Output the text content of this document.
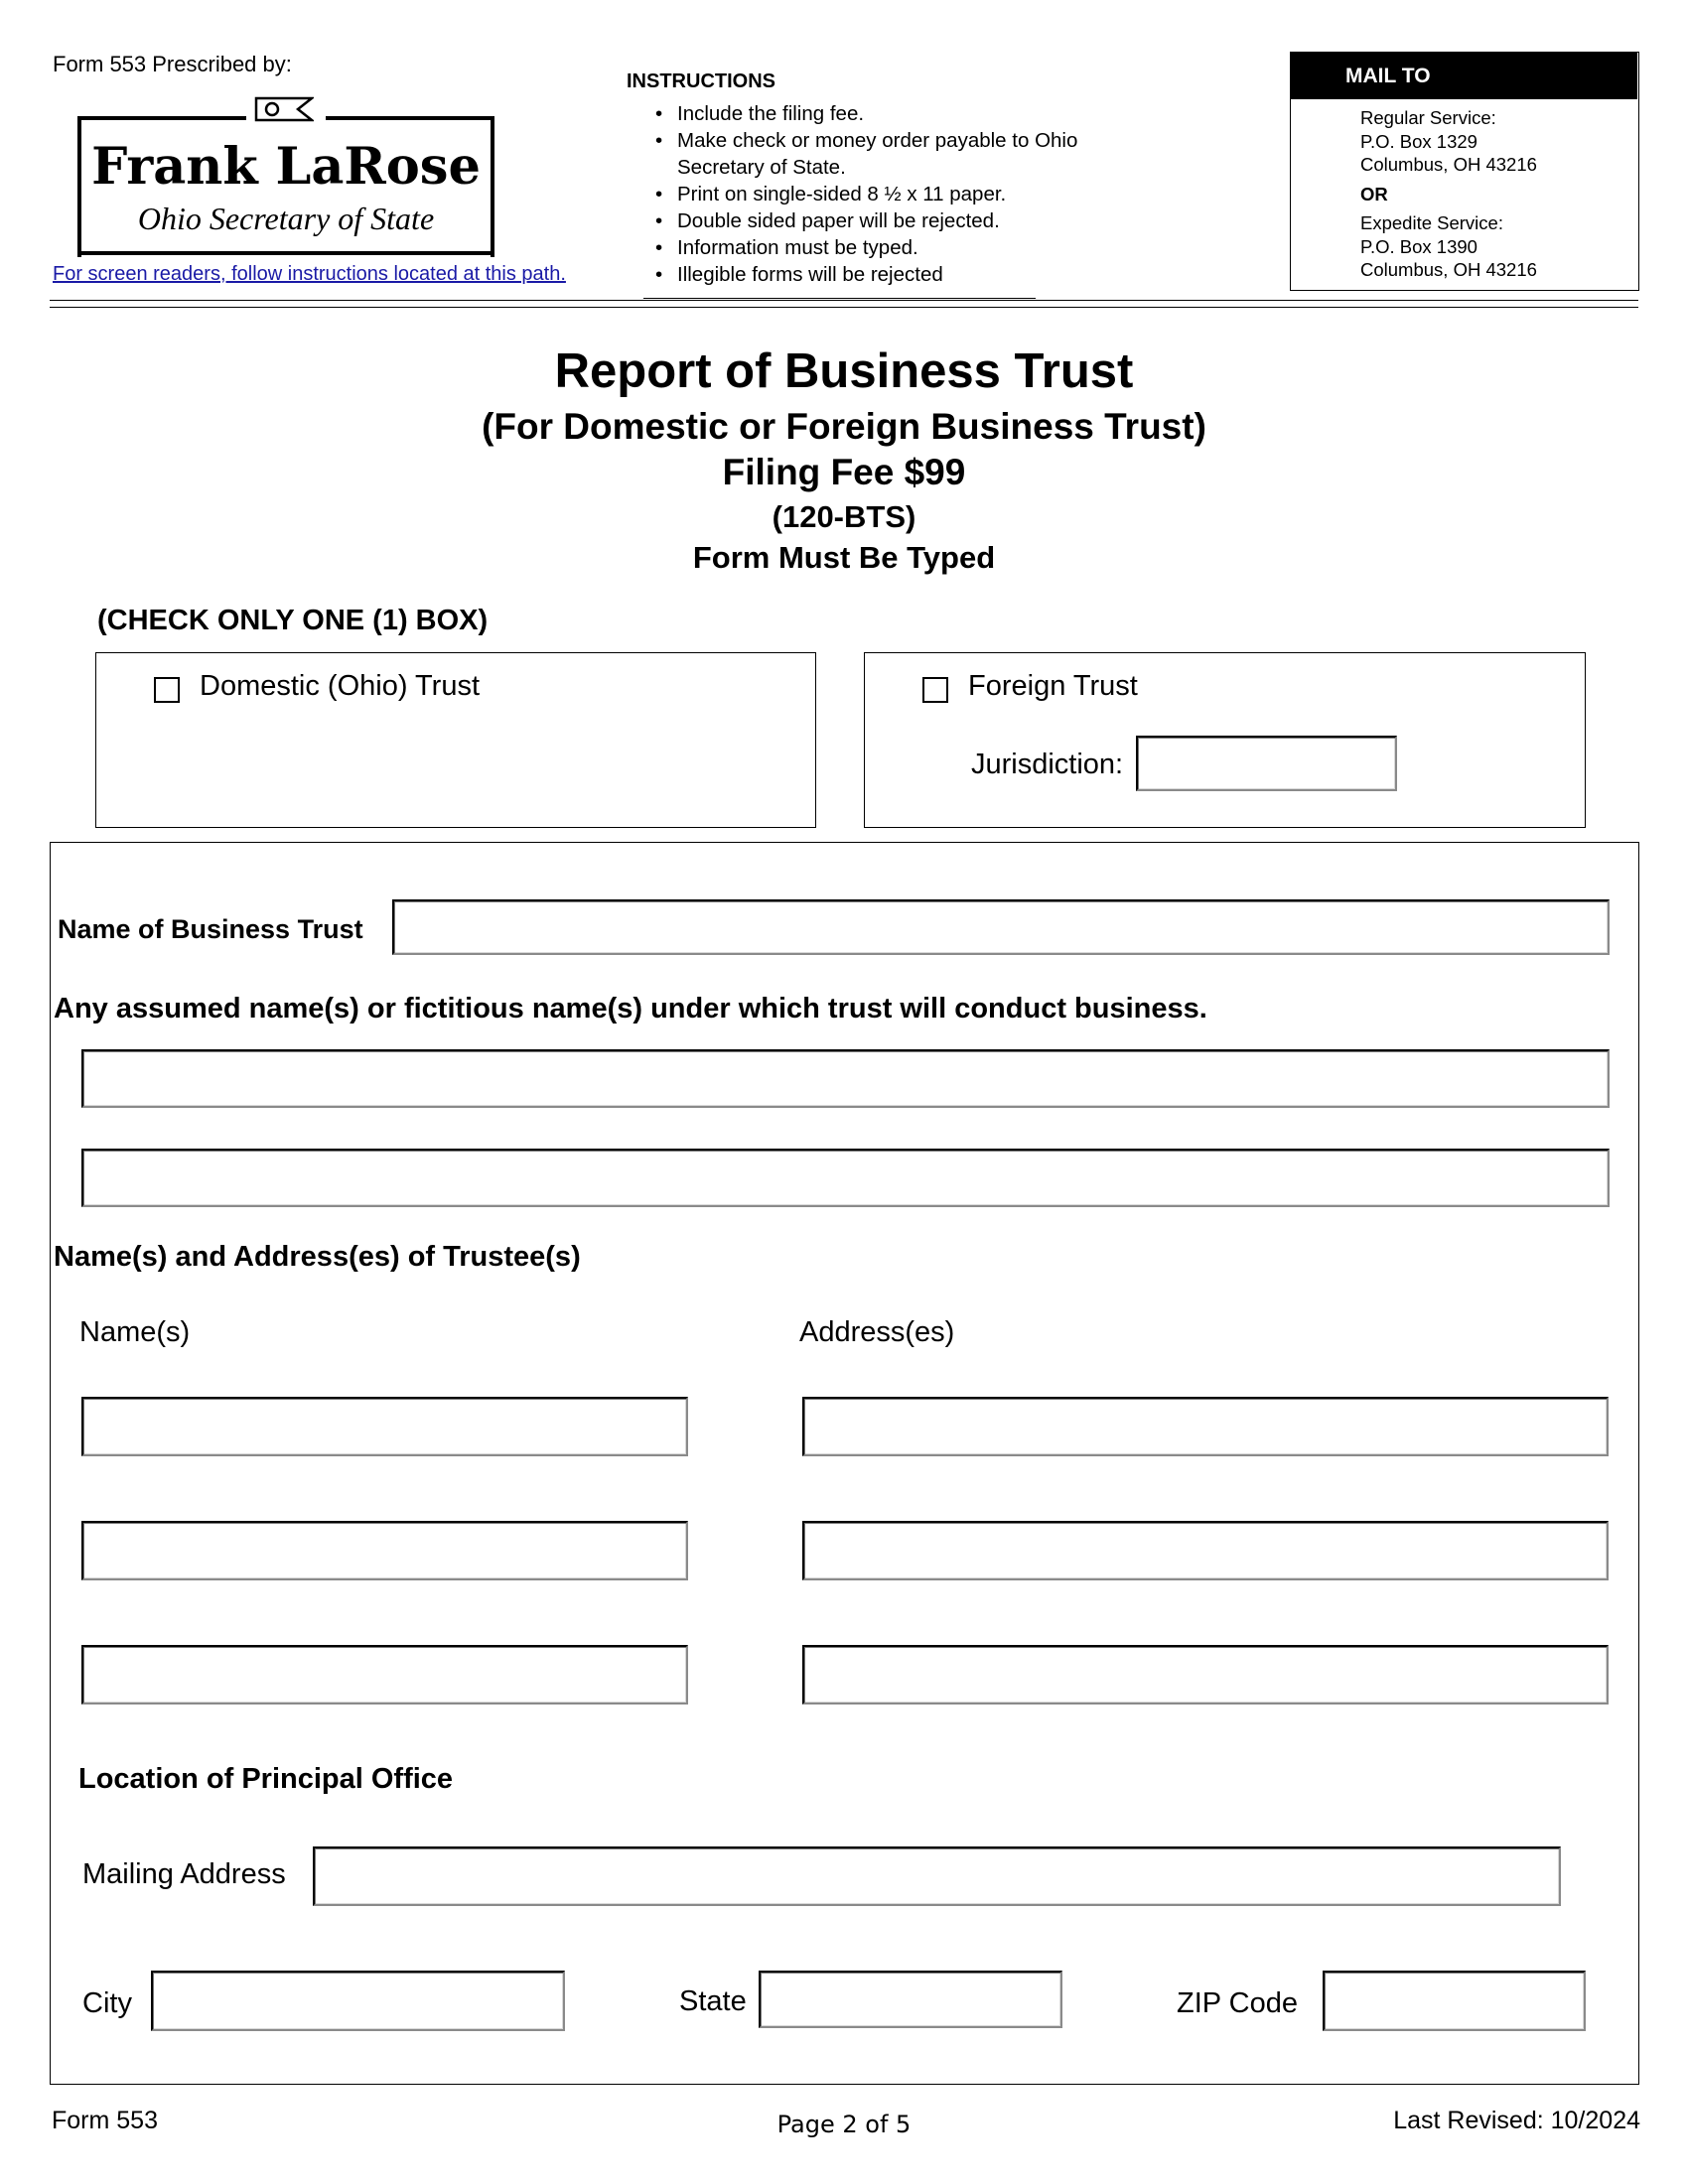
Form 553 Prescribed by:
Frank LaRose
Ohio Secretary of State
For screen readers, follow instructions located at this path.
INSTRUCTIONS
• Include the filing fee.
• Make check or money order payable to Ohio Secretary of State.
• Print on single-sided 8 ½ x 11 paper.
• Double sided paper will be rejected.
• Information must be typed.
• Illegible forms will be rejected
MAIL TO

Regular Service:

P.O. Box 1329

Columbus, OH 43216

OR

Expedite Service:

P.O. Box 1390

Columbus, OH 43216

Report of Business Trust
(For Domestic or Foreign Business Trust)
Filing Fee $99
(120-BTS)
Form Must Be Typed
(CHECK ONLY ONE (1) BOX)
Domestic (Ohio) Trust	Foreign Trust
Jurisdiction:
Name of Business Trust
Any assumed name(s) or fictitious name(s) under which trust will conduct business.
Name(s) and Address(es) of Trustee(s)
Name(s)	Address(es)
Location of Principal Office
Mailing Address
City	State	ZIP Code
Form 553	Page 2 of 5	Last Revised: 10/2024
